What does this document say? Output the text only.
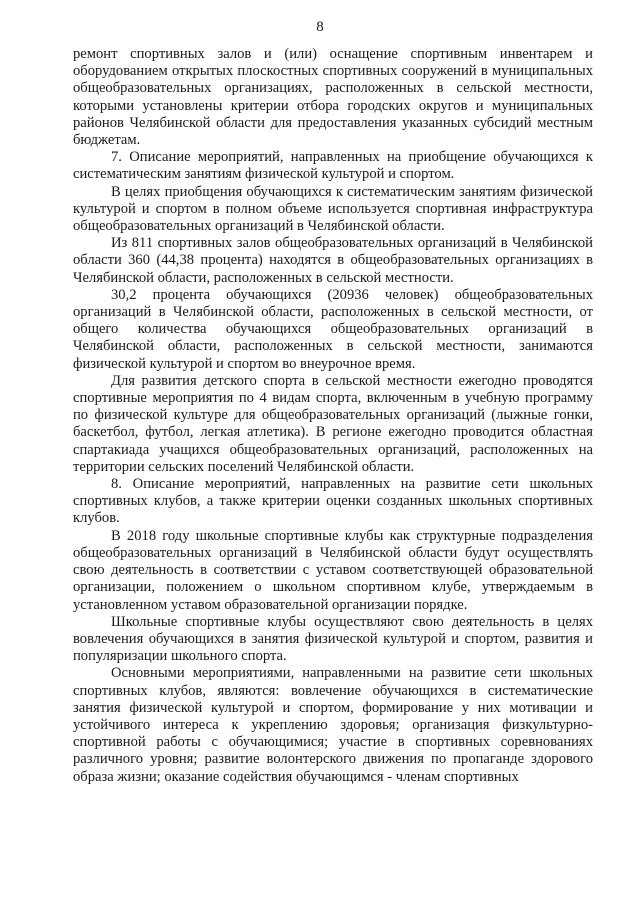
8

ремонт спортивных залов и (или) оснащение спортивным инвентарем и оборудованием открытых плоскостных спортивных сооружений в муниципальных общеобразовательных организациях, расположенных в сельской местности, которыми установлены критерии отбора городских округов и муниципальных районов Челябинской области для предоставления указанных субсидий местным бюджетам.

7. Описание мероприятий, направленных на приобщение обучающихся к систематическим занятиям физической культурой и спортом.

В целях приобщения обучающихся к систематическим занятиям физической культурой и спортом в полном объеме используется спортивная инфраструктура общеобразовательных организаций в Челябинской области.

Из 811 спортивных залов общеобразовательных организаций в Челябинской области 360 (44,38 процента) находятся в общеобразовательных организациях в Челябинской области, расположенных в сельской местности.

30,2 процента обучающихся (20936 человек) общеобразовательных организаций в Челябинской области, расположенных в сельской местности, от общего количества обучающихся общеобразовательных организаций в Челябинской области, расположенных в сельской местности, занимаются физической культурой и спортом во внеурочное время.

Для развития детского спорта в сельской местности ежегодно проводятся спортивные мероприятия по 4 видам спорта, включенным в учебную программу по физической культуре для общеобразовательных организаций (лыжные гонки, баскетбол, футбол, легкая атлетика). В регионе ежегодно проводится областная спартакиада учащихся общеобразовательных организаций, расположенных на территории сельских поселений Челябинской области.

8. Описание мероприятий, направленных на развитие сети школьных спортивных клубов, а также критерии оценки созданных школьных спортивных клубов.

В 2018 году школьные спортивные клубы как структурные подразделения общеобразовательных организаций в Челябинской области будут осуществлять свою деятельность в соответствии с уставом соответствующей образовательной организации, положением о школьном спортивном клубе, утверждаемым в установленном уставом образовательной организации порядке.

Школьные спортивные клубы осуществляют свою деятельность в целях вовлечения обучающихся в занятия физической культурой и спортом, развития и популяризации школьного спорта.

Основными мероприятиями, направленными на развитие сети школьных спортивных клубов, являются: вовлечение обучающихся в систематические занятия физической культурой и спортом, формирование у них мотивации и устойчивого интереса к укреплению здоровья; организация физкультурно-спортивной работы с обучающимися; участие в спортивных соревнованиях различного уровня; развитие волонтерского движения по пропаганде здорового образа жизни; оказание содействия обучающимся - членам спортивных
